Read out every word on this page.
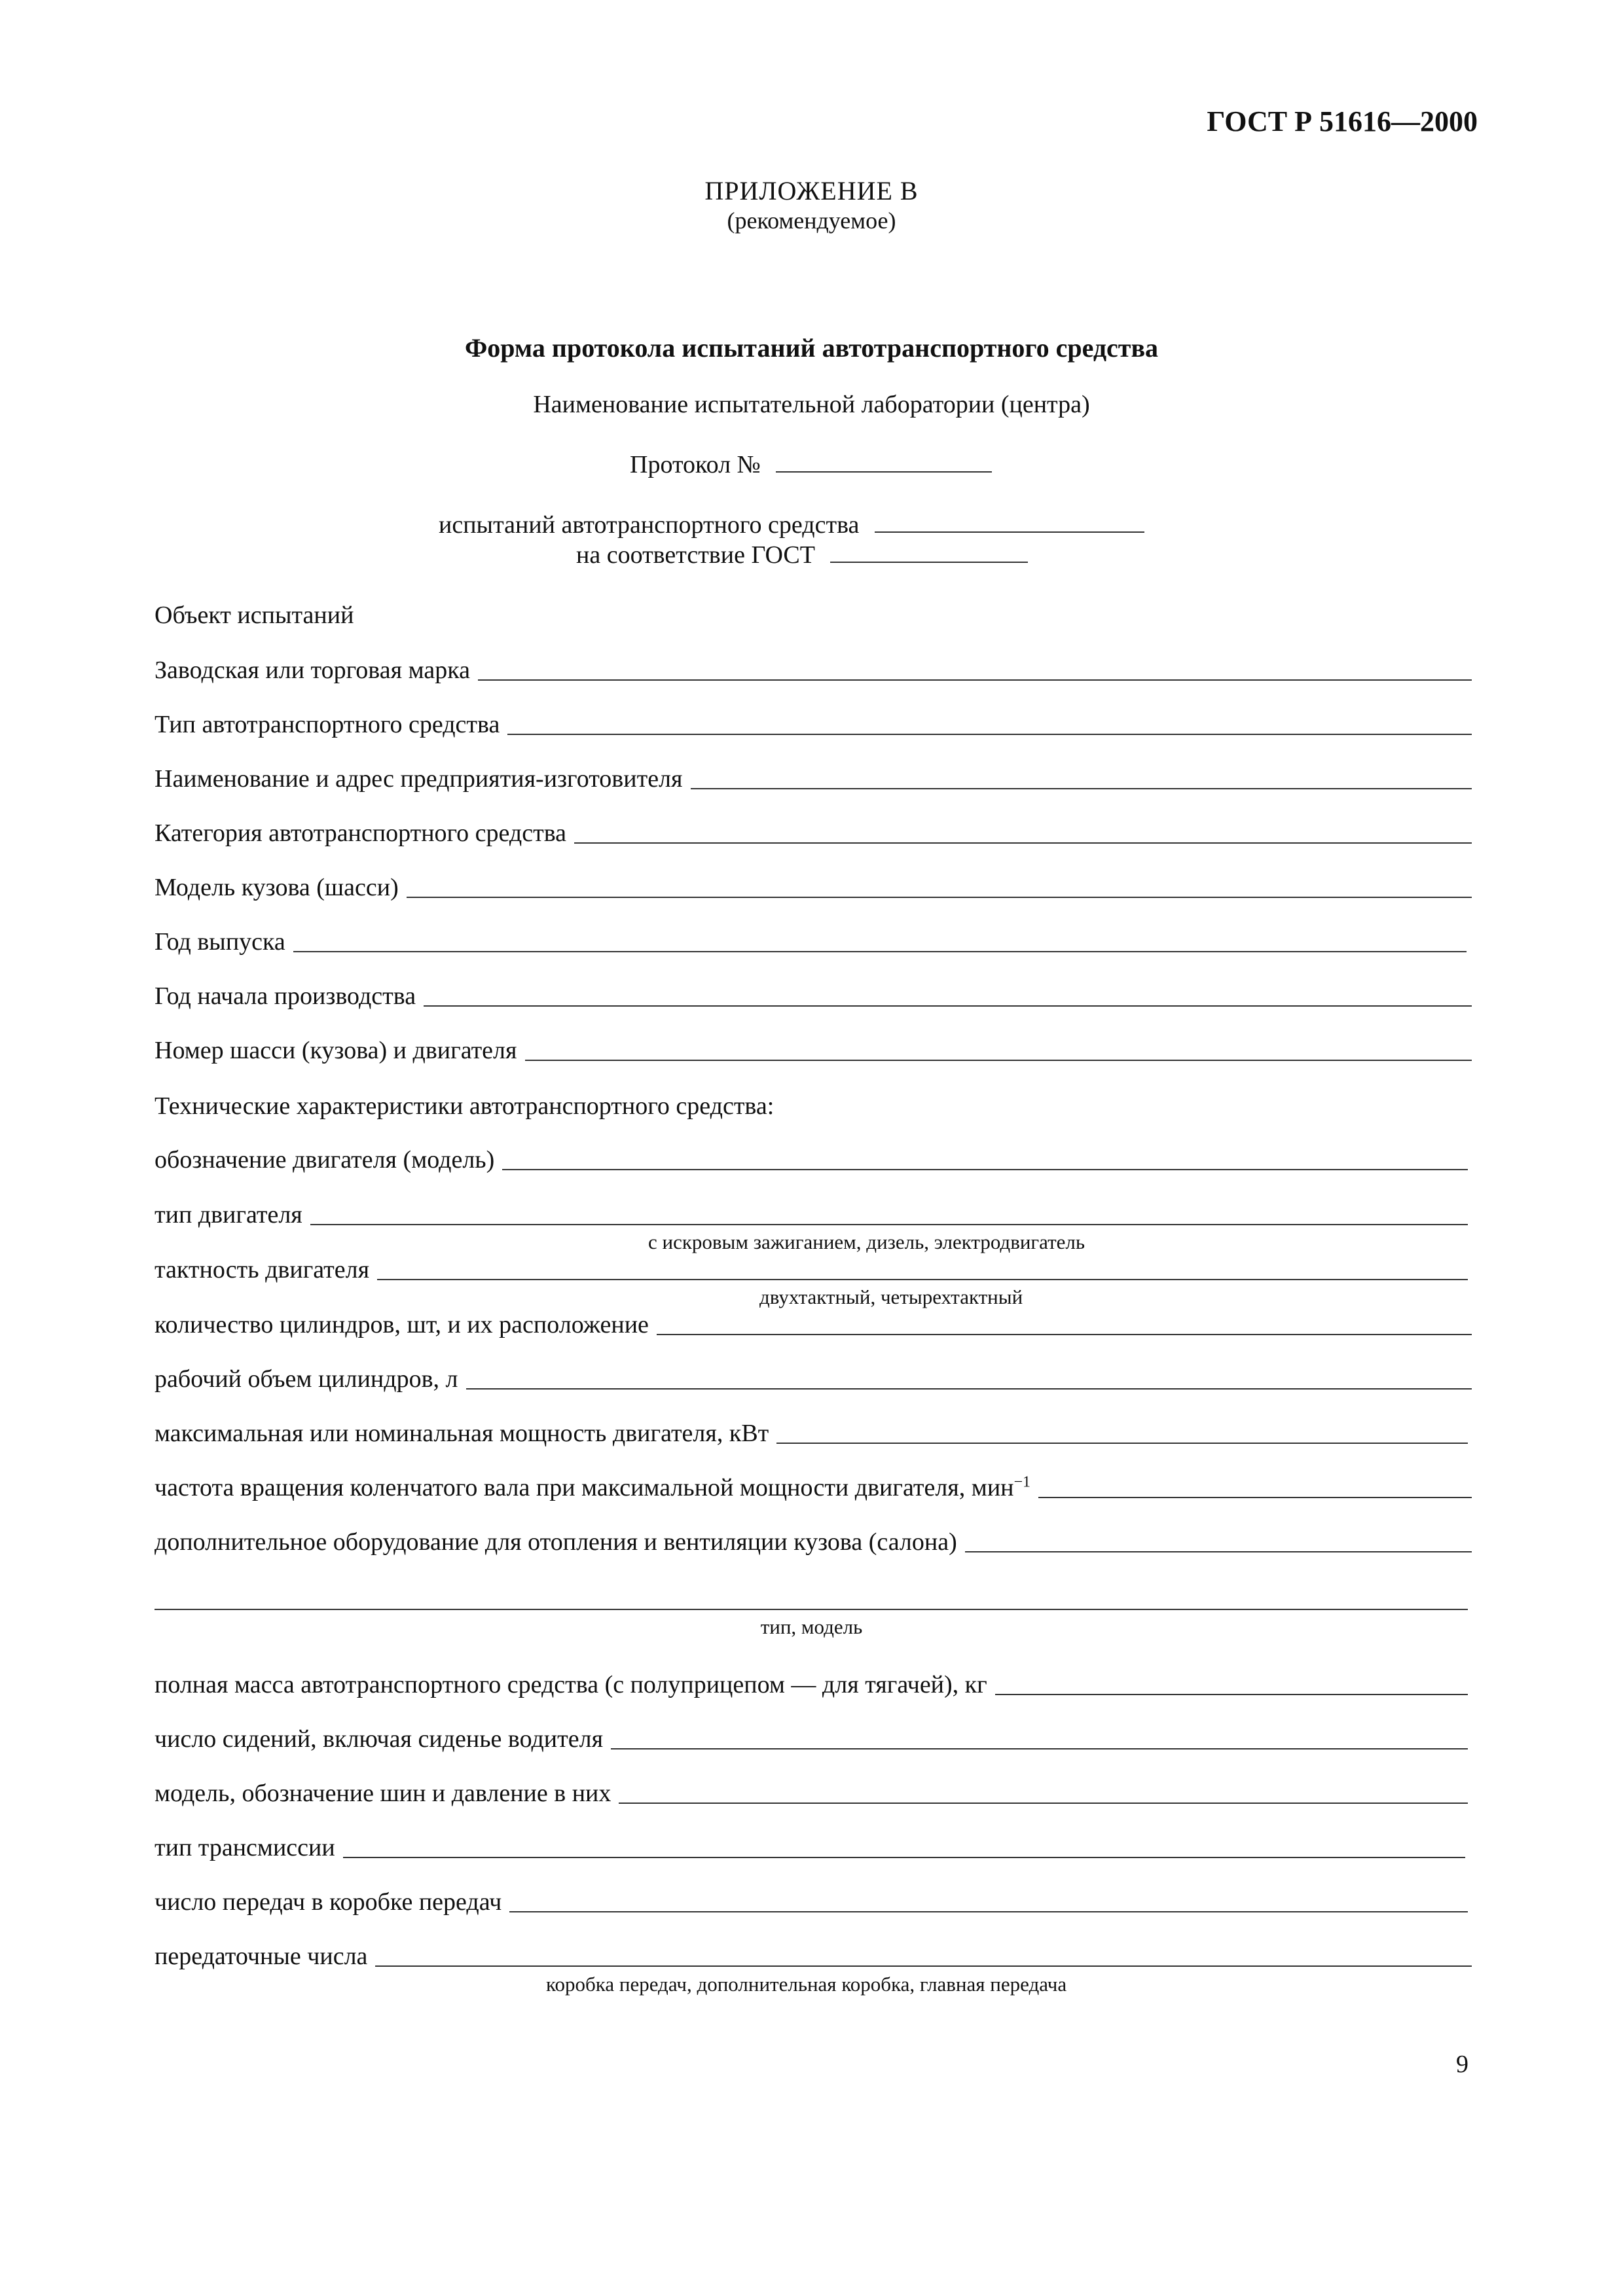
ГОСТ Р 51616—2000
ПРИЛОЖЕНИЕ В
(рекомендуемое)
Форма протокола испытаний автотранспортного средства
Наименование испытательной лаборатории (центра)
Протокол №
испытаний автотранспортного средства
на соответствие ГОСТ
Объект испытаний
Заводская или торговая марка
Тип автотранспортного средства
Наименование и адрес предприятия-изготовителя
Категория автотранспортного средства
Модель кузова (шасси)
Год выпуска
Год начала производства
Номер шасси (кузова) и двигателя
Технические характеристики автотранспортного средства:
обозначение двигателя (модель)
тип двигателя
с искровым зажиганием, дизель, электродвигатель
тактность двигателя
двухтактный, четырехтактный
количество цилиндров, шт, и их расположение
рабочий объем цилиндров, л
максимальная или номинальная мощность двигателя, кВт
частота вращения коленчатого вала при максимальной мощности двигателя, мин$^{-1}$
дополнительное оборудование для отопления и вентиляции кузова (салона)
тип, модель
полная масса автотранспортного средства (с полуприцепом — для тягачей), кг
число сидений, включая сиденье водителя
модель, обозначение шин и давление в них
тип трансмиссии
число передач в коробке передач
передаточные числа
коробка передач, дополнительная коробка, главная передача
9
